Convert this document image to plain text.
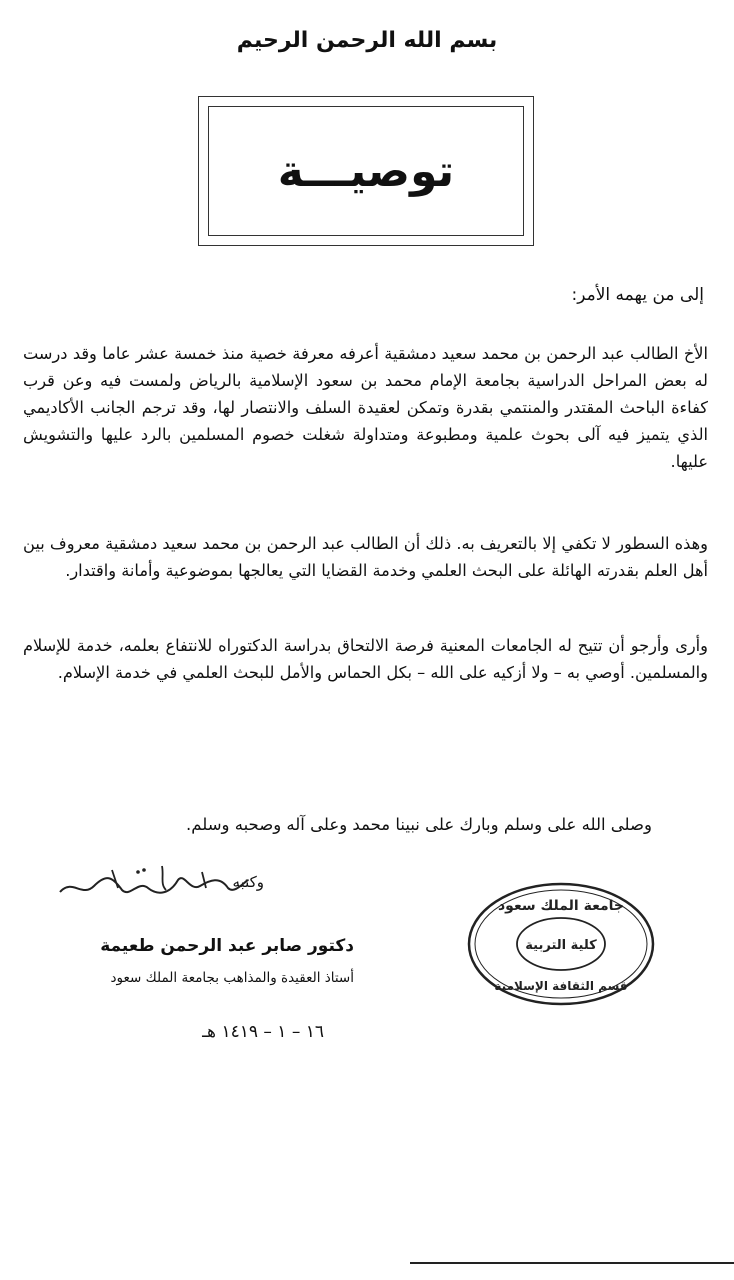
بسم الله الرحمن الرحيم
توصيـــة
إلى من يهمه الأمر:
الأخ الطالب عبد الرحمن بن محمد سعيد دمشقية أعرفه معرفة خصية منذ خمسة عشر عاما وقد درست له بعض المراحل الدراسية بجامعة الإمام محمد بن سعود الإسلامية بالرياض ولمست فيه وعن قرب كفاءة الباحث المقتدر والمنتمي بقدرة وتمكن لعقيدة السلف والانتصار لها، وقد ترجم الجانب الأكاديمي الذي يتميز فيه آلى بحوث علمية ومطبوعة ومتداولة شغلت خصوم المسلمين بالرد عليها والتشويش عليها.
وهذه السطور لا تكفي إلا بالتعريف به. ذلك أن الطالب عبد الرحمن بن محمد سعيد دمشقية معروف بين أهل العلم بقدرته الهائلة على البحث العلمي وخدمة القضايا التي يعالجها بموضوعية وأمانة واقتدار.
وأرى وأرجو أن تتيح له الجامعات المعنية فرصة الالتحاق بدراسة الدكتوراه للانتفاع بعلمه، خدمة للإسلام والمسلمين. أوصي به – ولا أزكيه على الله – بكل الحماس والأمل للبحث العلمي في خدمة الإسلام.
وصلى الله على وسلم وبارك على نبينا محمد وعلى آله وصحبه وسلم.
وكتبه
دكتور صابر عبد الرحمن طعيمة
أستاذ العقيدة والمذاهب بجامعة الملك سعود
١٦ – ١ – ١٤١٩ هـ
جامعة الملك سعود
كلية التربية
قسم الثقافة الإسلامية
